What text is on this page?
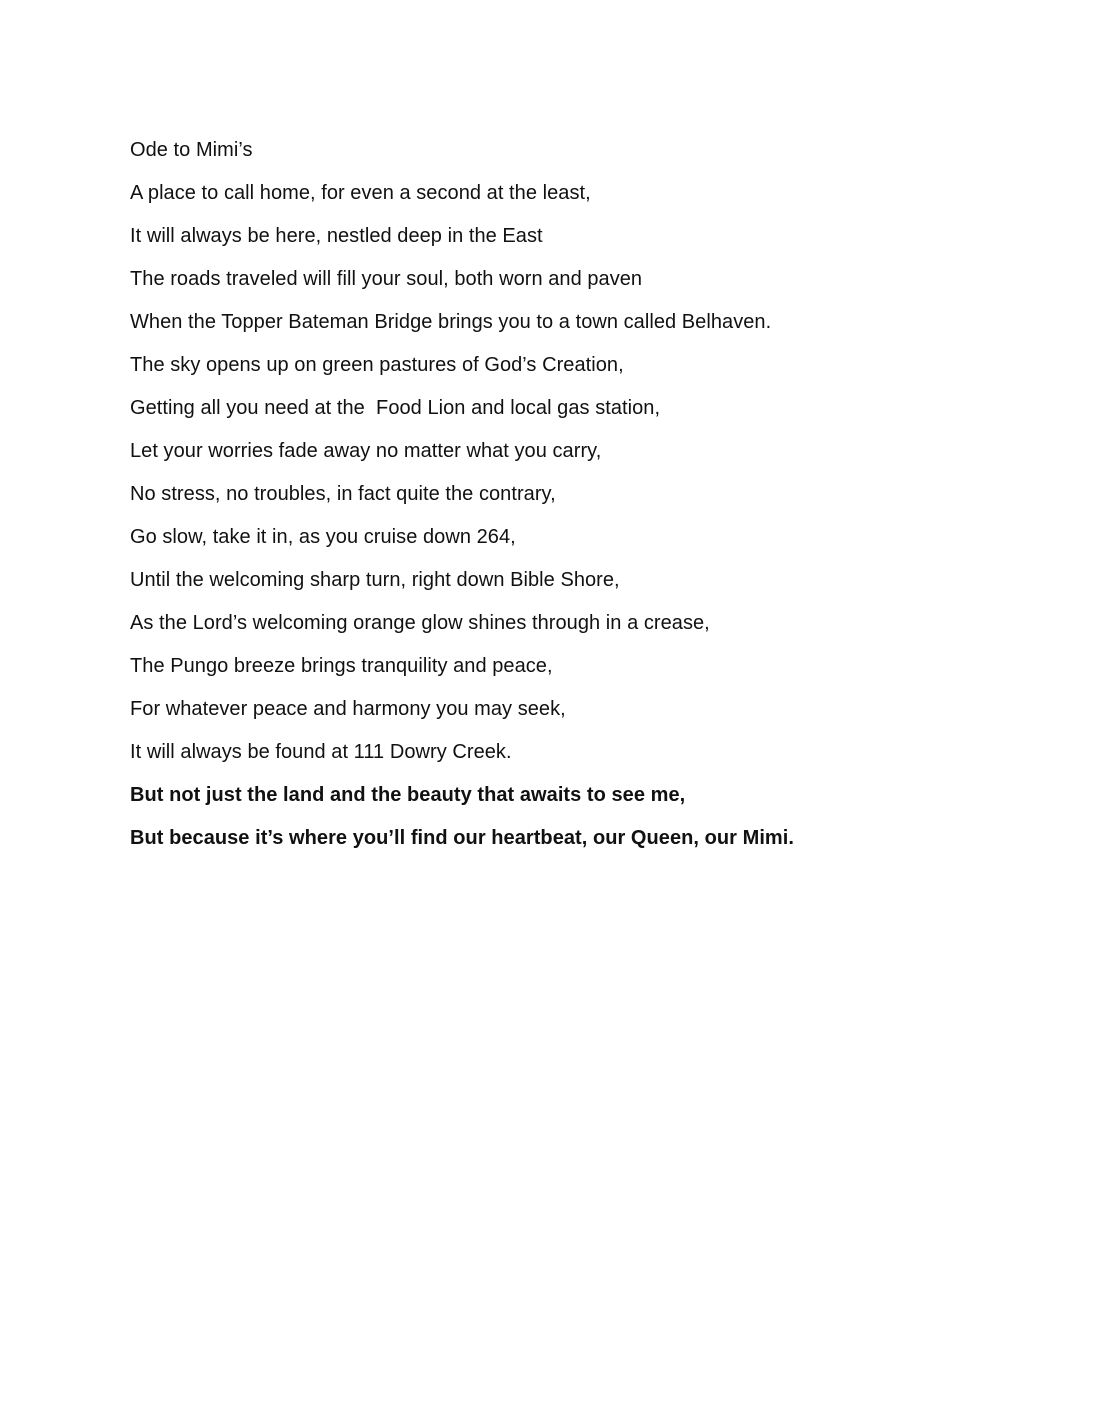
Ode to Mimi’s
A place to call home, for even a second at the least,
It will always be here, nestled deep in the East
The roads traveled will fill your soul, both worn and paven
When the Topper Bateman Bridge brings you to a town called Belhaven.
The sky opens up on green pastures of God’s Creation,
Getting all you need at the  Food Lion and local gas station,
Let your worries fade away no matter what you carry,
No stress, no troubles, in fact quite the contrary,
Go slow, take it in, as you cruise down 264,
Until the welcoming sharp turn, right down Bible Shore,
As the Lord’s welcoming orange glow shines through in a crease,
The Pungo breeze brings tranquility and peace,
For whatever peace and harmony you may seek,
It will always be found at 111 Dowry Creek.
But not just the land and the beauty that awaits to see me,
But because it’s where you’ll find our heartbeat, our Queen, our Mimi.
